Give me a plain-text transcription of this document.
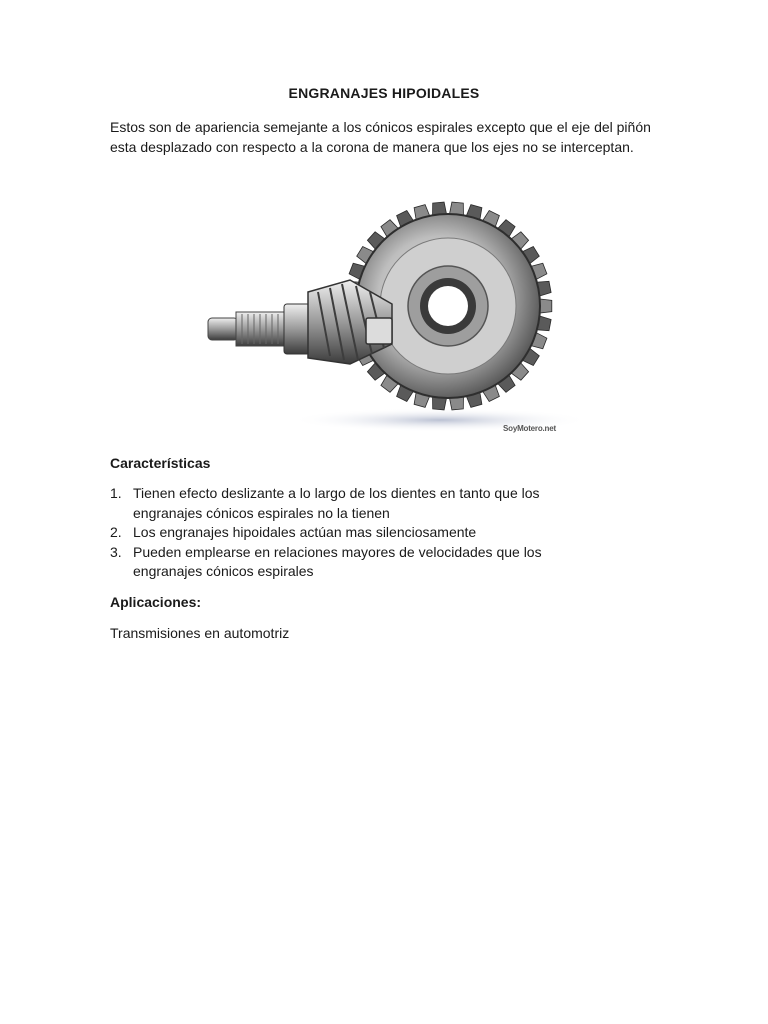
ENGRANAJES HIPOIDALES
Estos son de apariencia semejante a los cónicos espirales excepto que el eje del piñón esta desplazado con respecto a la corona de manera que los ejes no se interceptan.
SoyMotero.net
Características
1. Tienen efecto deslizante a lo largo de los dientes en tanto que los engranajes cónicos espirales no la tienen
2. Los engranajes hipoidales actúan mas silenciosamente
3. Pueden emplearse en relaciones mayores de velocidades que los engranajes cónicos espirales
Aplicaciones:
Transmisiones en automotriz
